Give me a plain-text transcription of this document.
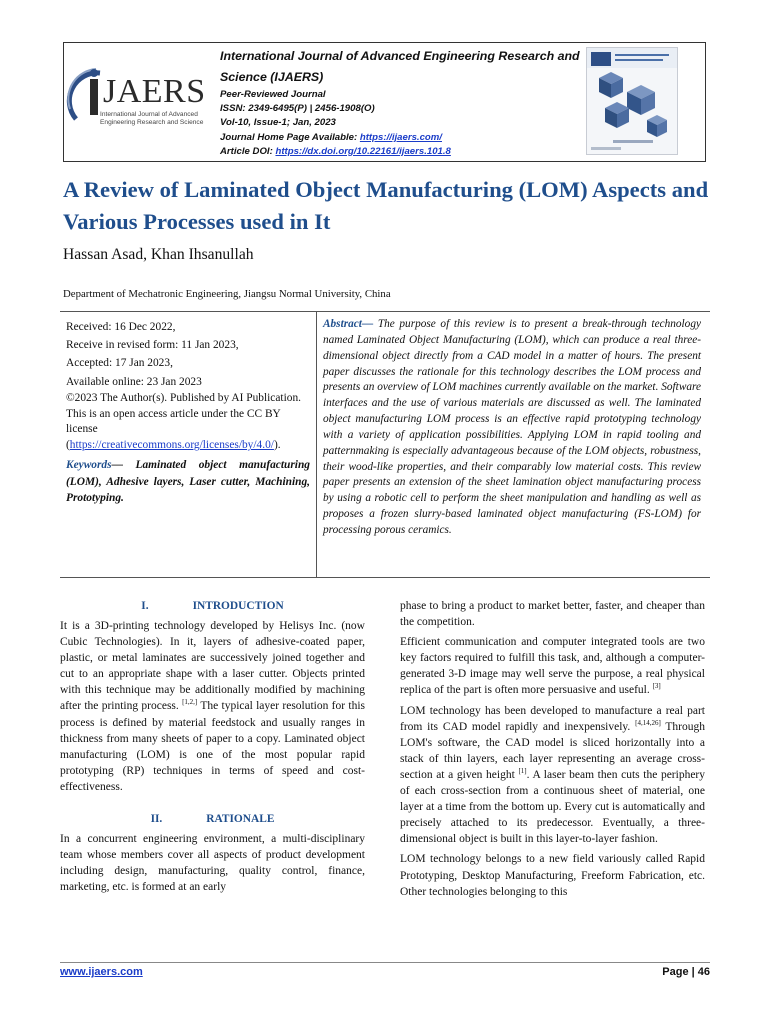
JAERS
International Journal of Advanced
Engineering Research and Science
International Journal of Advanced Engineering Research and Science (IJAERS)
Peer-Reviewed Journal
ISSN: 2349-6495(P) | 2456-1908(O)
Vol-10, Issue-1; Jan, 2023
Journal Home Page Available: https://ijaers.com/
Article DOI: https://dx.doi.org/10.22161/ijaers.101.8
A Review of Laminated Object Manufacturing (LOM) Aspects and Various Processes used in It
Hassan Asad, Khan Ihsanullah
Department of Mechatronic Engineering, Jiangsu Normal University, China
Received: 16 Dec 2022,
Receive in revised form: 11 Jan 2023,
Accepted: 17 Jan 2023,
Available online: 23 Jan 2023
©2023 The Author(s). Published by AI Publication. This is an open access article under the CC BY license (https://creativecommons.org/licenses/by/4.0/).
Keywords— Laminated object manufacturing (LOM), Adhesive layers, Laser cutter, Machining, Prototyping.
Abstract— The purpose of this review is to present a break-through technology named Laminated Object Manufacturing (LOM), which can produce a real three-dimensional object directly from a CAD model in a matter of hours. The present paper discusses the rationale for this technology describes the LOM process and presents an overview of LOM machines currently available on the market. Software interfaces and the use of various materials are discussed as well. The laminated object manufacturing LOM process is an effective rapid prototyping technology with a variety of application possibilities. Applying LOM in rapid tooling and patternmaking is especially advantageous because of the LOM objects, robustness, their wood-like properties, and their comparably low material costs. This review paper presents an extension of the sheet lamination object manufacturing process by using a robotic cell to perform the sheet manipulation and handling as well as proposes a frozen slurry-based laminated object manufacturing (FS-LOM) for processing porous ceramics.
I.	INTRODUCTION
It is a 3D-printing technology developed by Helisys Inc. (now Cubic Technologies). In it, layers of adhesive-coated paper, plastic, or metal laminates are successively joined together and cut to an appropriate shape with a laser cutter. Objects printed with this technique may be additionally modified by machining after the printing process. [1,2,] The typical layer resolution for this process is defined by material feedstock and usually ranges in thickness from many sheets of paper to a copy. Laminated object manufacturing (LOM) is one of the most popular rapid prototyping (RP) techniques in terms of speed and cost-effectiveness.
II.	RATIONALE
In a concurrent engineering environment, a multi-disciplinary team whose members cover all aspects of product development including design, manufacturing, quality control, finance, marketing, etc. is formed at an early
phase to bring a product to market better, faster, and cheaper than the competition.
Efficient communication and computer integrated tools are two key factors required to fulfill this task, and, although a computer-generated 3-D image may well serve the purpose, a real physical replica of the part is often more persuasive and useful. [3]
LOM technology has been developed to manufacture a real part from its CAD model rapidly and inexpensively. [4,14,26] Through LOM's software, the CAD model is sliced horizontally into a stack of thin layers, each layer representing an average cross-section at a given height [1]. A laser beam then cuts the periphery of each cross-section from a continuous sheet of material, one layer at a time from the bottom up. Every cut is automatically and precisely attached to its predecessor. Eventually, a three-dimensional object is built in this layer-to-layer fashion.
LOM technology belongs to a new field variously called Rapid Prototyping, Desktop Manufacturing, Freeform Fabrication, etc. Other technologies belonging to this
www.ijaers.com	Page | 46
